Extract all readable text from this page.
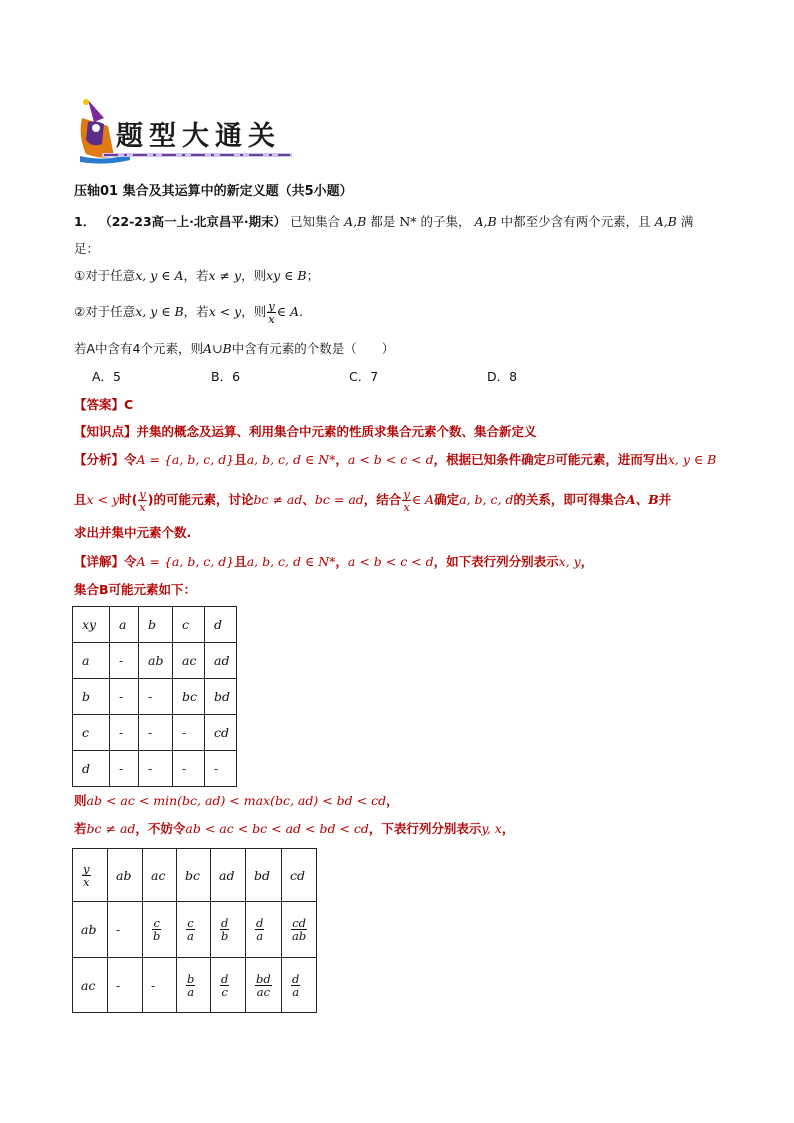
题型大通关
压轴01 集合及其运算中的新定义题（共5小题）
1． （22-23高一上·北京昌平·期末） 已知集合 A,B 都是 N* 的子集， A,B 中都至少含有两个元素，且 A,B 满
足：
①对于任意x, y ∈ A，若x ≠ y，则xy ∈ B；
②对于任意x, y ∈ B，若x < y，则 $\frac{y}{x}$ ∈ A.
若A中含有4个元素，则A∪B中含有元素的个数是（　　）
A．5	B．6	C．7	D．8
【答案】C
【知识点】并集的概念及运算、利用集合中元素的性质求集合元素个数、集合新定义
【分析】令A = {a, b, c, d}且a, b, c, d ∈ N*，a < b < c < d，根据已知条件确定B可能元素，进而写出x, y ∈ B
且x < y时( $\frac{y}{x}$ )的可能元素，讨论bc ≠ ad、bc = ad，结合 $\frac{y}{x}$ ∈ A确定a, b, c, d的关系，即可得集合A、B并
求出并集中元素个数.
【详解】令A = {a, b, c, d}且a, b, c, d ∈ N*，a < b < c < d，如下表行列分别表示x, y，
集合B可能元素如下：
xy	a	b	c	d
a	-	ab	ac	ad
b	-	-	bc	bd
c	-	-	-	cd
d	-	-	-	-
则ab < ac < min(bc, ad) < max(bc, ad) < bd < cd，
若bc ≠ ad，不妨令ab < ac < bc < ad < bd < cd，下表行列分别表示y, x，
$\frac{y}{x}$	ab	ac	bc	ad	bd	cd
ab	-	$\frac{c}{b}$	$\frac{c}{a}$	$\frac{d}{b}$	$\frac{d}{a}$	$\frac{cd}{ab}$

ac	-	-	$\frac{b}{a}$	$\frac{d}{c}$	$\frac{bd}{ac}$	$\frac{d}{a}$
